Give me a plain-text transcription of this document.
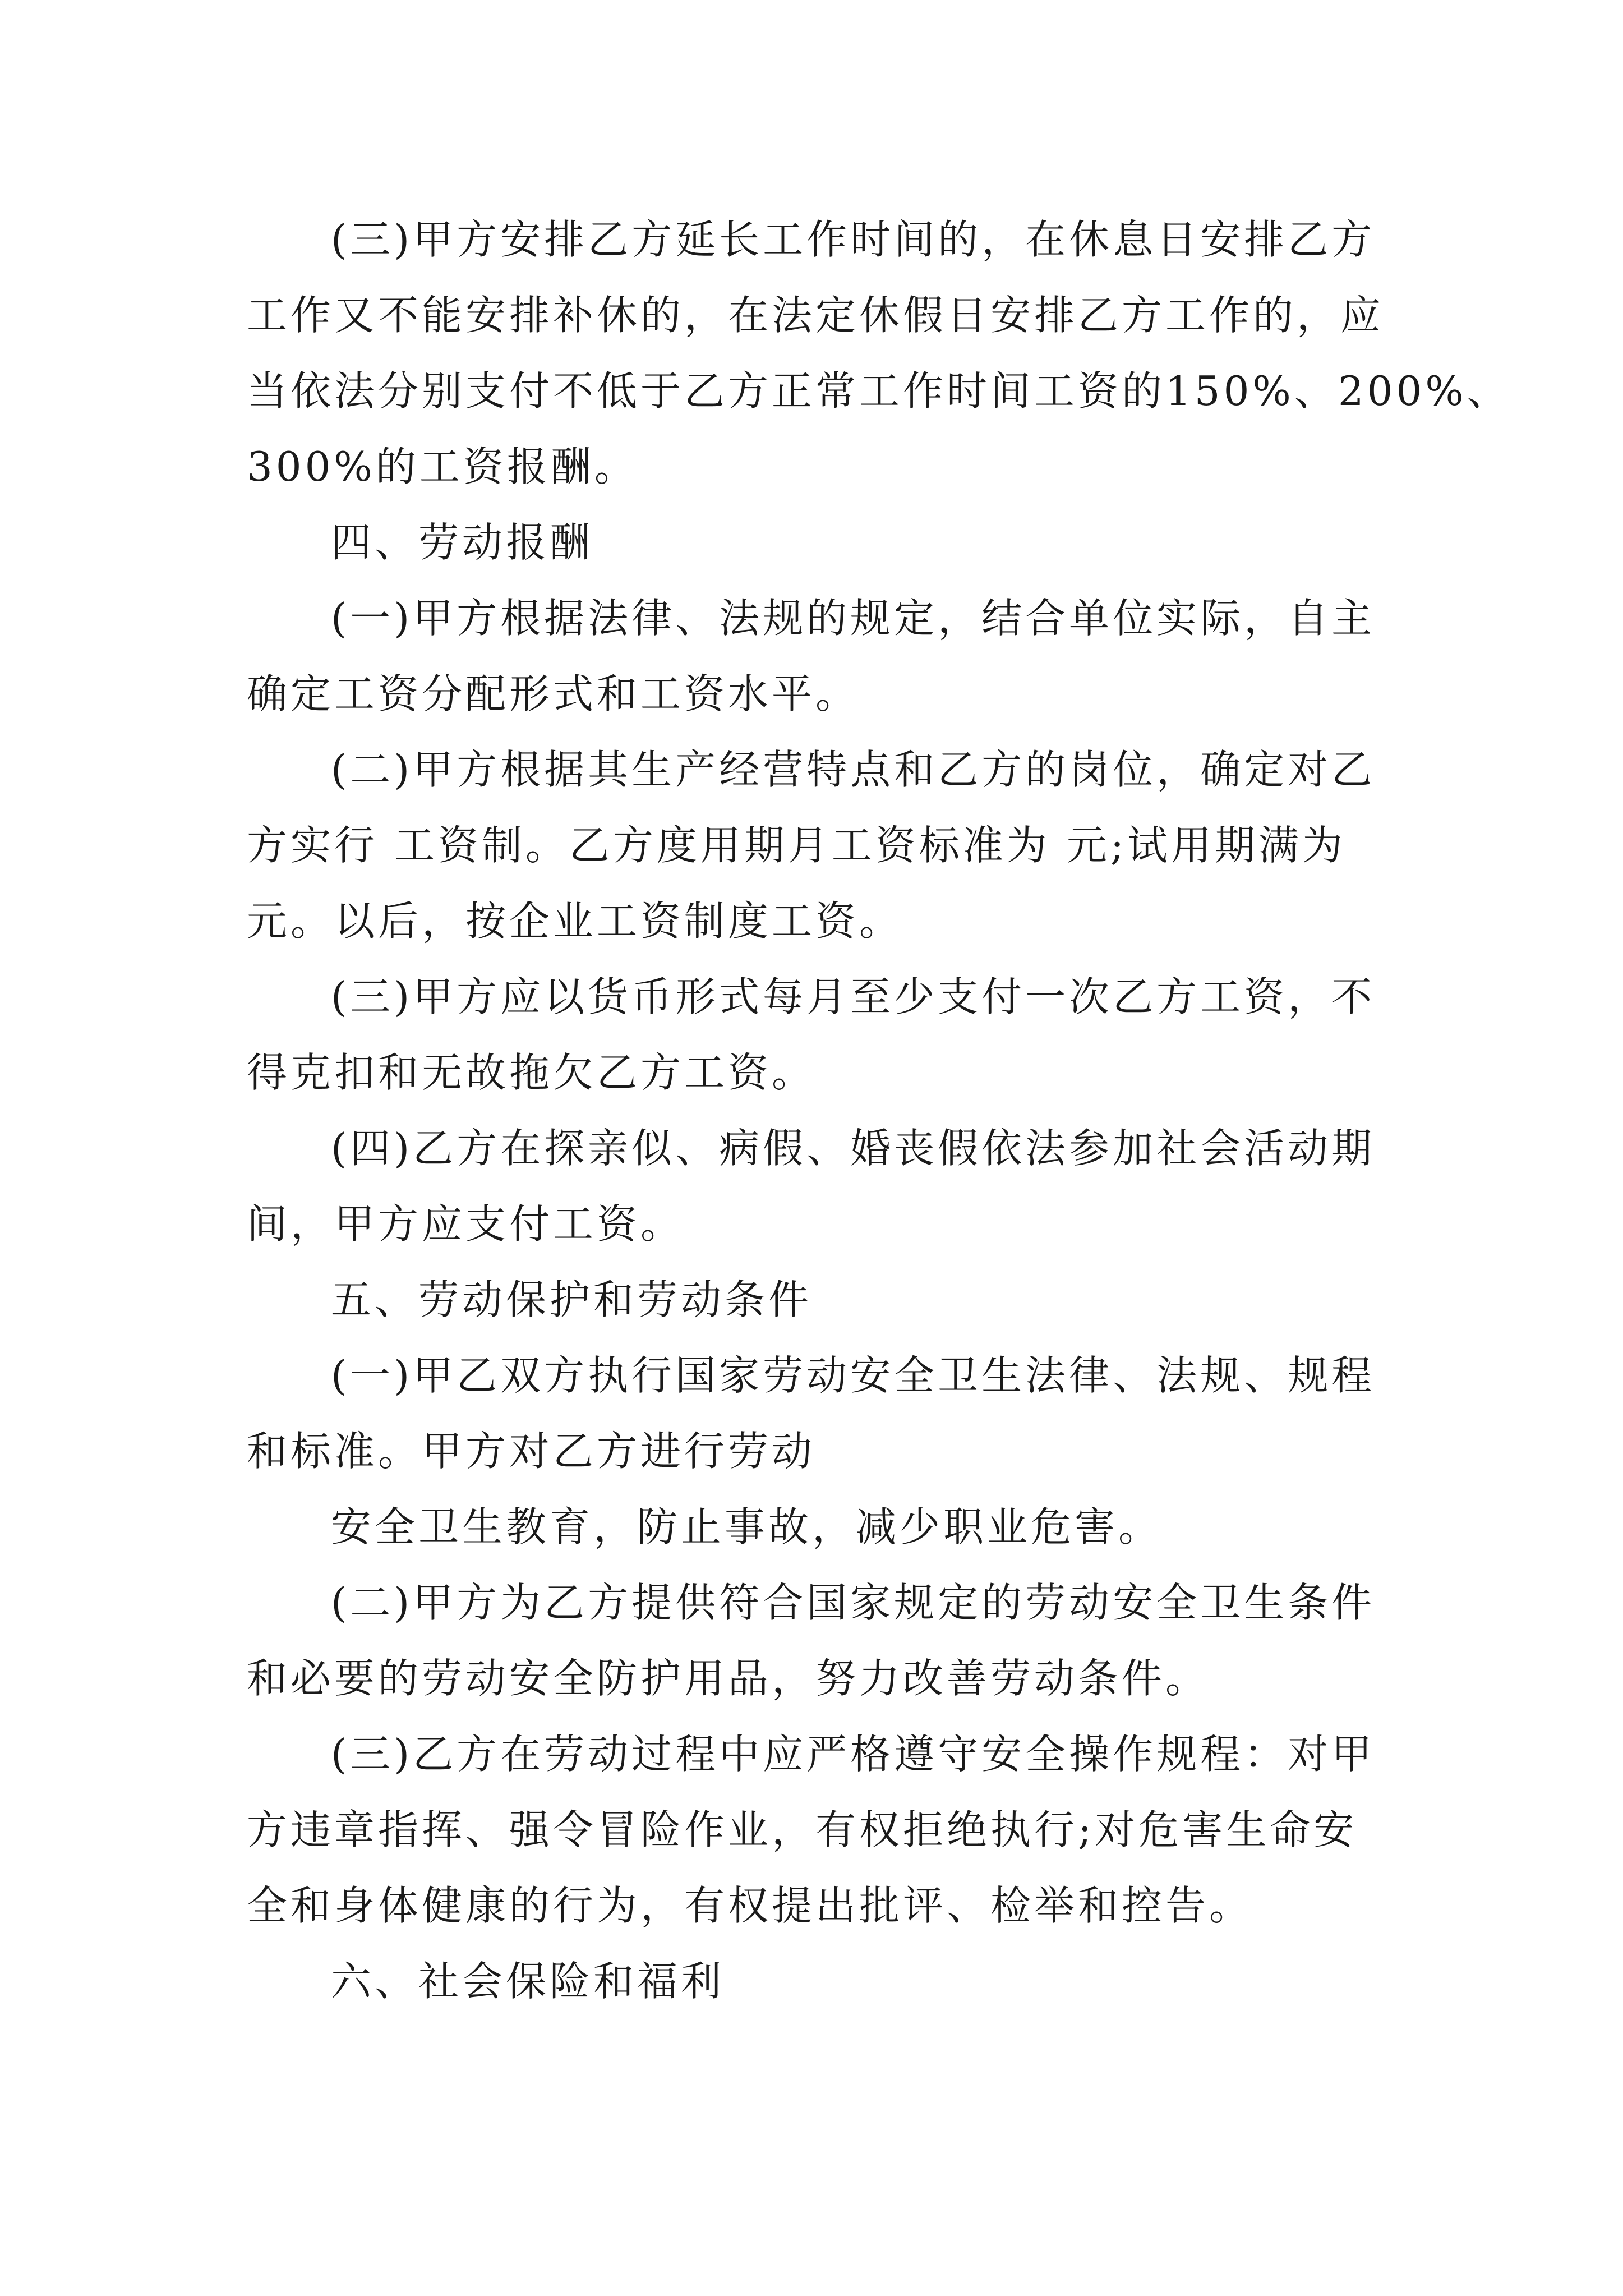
(三)甲方安排乙方延长工作时间的，在休息日安排乙方
工作又不能安排补休的，在法定休假日安排乙方工作的，应
当依法分别支付不低于乙方正常工作时间工资的150%、200%、
300%的工资报酬。
四、劳动报酬
(一)甲方根据法律、法规的规定，结合单位实际，自主
确定工资分配形式和工资水平。
(二)甲方根据其生产经营特点和乙方的岗位，确定对乙
方实行 工资制。乙方度用期月工资标准为 元;试用期满为
元。以后，按企业工资制度工资。
(三)甲方应以货币形式每月至少支付一次乙方工资，不
得克扣和无故拖欠乙方工资。
(四)乙方在探亲似、病假、婚丧假依法参加社会活动期
间，甲方应支付工资。
五、劳动保护和劳动条件
(一)甲乙双方执行国家劳动安全卫生法律、法规、规程
和标准。甲方对乙方进行劳动
安全卫生教育，防止事故，减少职业危害。
(二)甲方为乙方提供符合国家规定的劳动安全卫生条件
和必要的劳动安全防护用品，努力改善劳动条件。
(三)乙方在劳动过程中应严格遵守安全操作规程：对甲
方违章指挥、强令冒险作业，有权拒绝执行;对危害生命安
全和身体健康的行为，有权提出批评、检举和控告。
六、社会保险和福利
